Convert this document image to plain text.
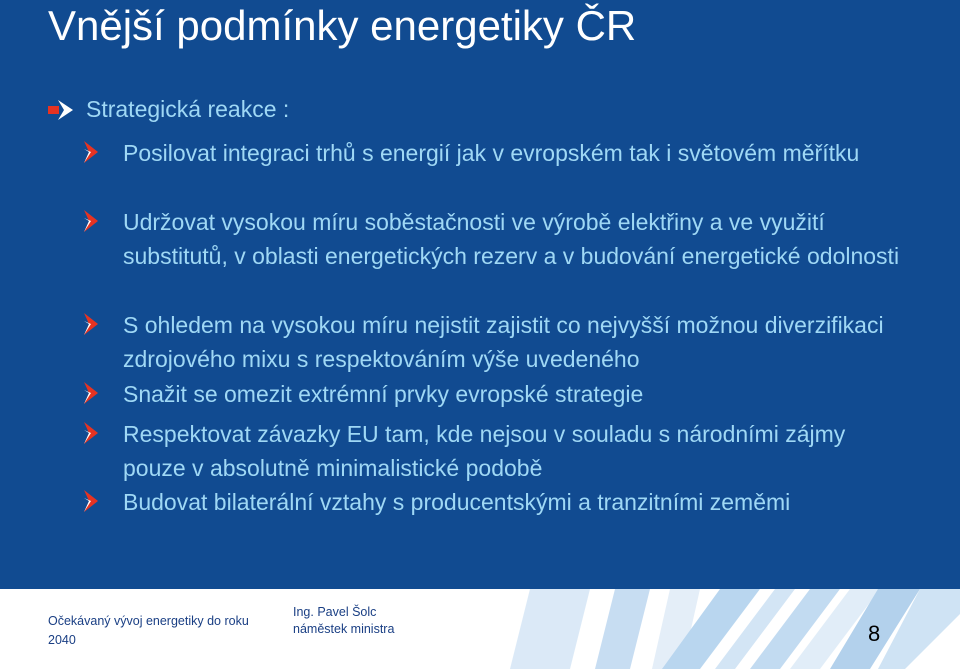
Vnější podmínky energetiky ČR
Strategická reakce :
Posilovat integraci trhů s energií jak v evropském tak i světovém měřítku
Udržovat vysokou míru soběstačnosti ve výrobě elektřiny a ve využití substitutů, v oblasti energetických rezerv a v budování energetické odolnosti
S ohledem na vysokou míru nejistit zajistit co nejvyšší možnou diverzifikaci zdrojového mixu s respektováním výše uvedeného
Snažit se omezit extrémní prvky evropské strategie
Respektovat závazky EU tam, kde nejsou v souladu s národními zájmy pouze v absolutně minimalistické podobě
Budovat bilaterální vztahy s producentskými a tranzitními zeměmi
Očekávaný vývoj energetiky do roku 2040
Ing. Pavel Šolc
náměstek ministra	8
